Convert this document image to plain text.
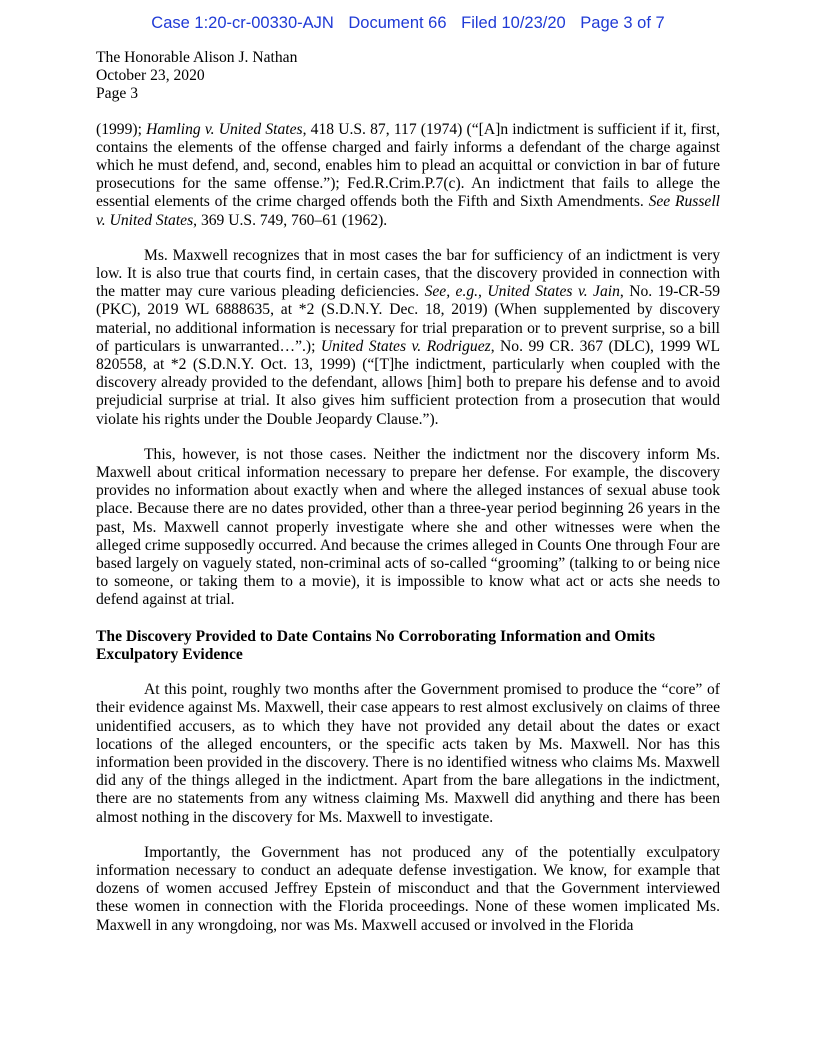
Case 1:20-cr-00330-AJN Document 66 Filed 10/23/20 Page 3 of 7
The Honorable Alison J. Nathan
October 23, 2020
Page 3

(1999); Hamling v. United States, 418 U.S. 87, 117 (1974) (“[A]n indictment is sufficient if it, first, contains the elements of the offense charged and fairly informs a defendant of the charge against which he must defend, and, second, enables him to plead an acquittal or conviction in bar of future prosecutions for the same offense.”); Fed.R.Crim.P.7(c). An indictment that fails to allege the essential elements of the crime charged offends both the Fifth and Sixth Amendments. See Russell v. United States, 369 U.S. 749, 760–61 (1962).

Ms. Maxwell recognizes that in most cases the bar for sufficiency of an indictment is very low. It is also true that courts find, in certain cases, that the discovery provided in connection with the matter may cure various pleading deficiencies. See, e.g., United States v. Jain, No. 19-CR-59 (PKC), 2019 WL 6888635, at *2 (S.D.N.Y. Dec. 18, 2019) (When supplemented by discovery material, no additional information is necessary for trial preparation or to prevent surprise, so a bill of particulars is unwarranted…”.); United States v. Rodriguez, No. 99 CR. 367 (DLC), 1999 WL 820558, at *2 (S.D.N.Y. Oct. 13, 1999) (“[T]he indictment, particularly when coupled with the discovery already provided to the defendant, allows [him] both to prepare his defense and to avoid prejudicial surprise at trial. It also gives him sufficient protection from a prosecution that would violate his rights under the Double Jeopardy Clause.”).

This, however, is not those cases. Neither the indictment nor the discovery inform Ms. Maxwell about critical information necessary to prepare her defense. For example, the discovery provides no information about exactly when and where the alleged instances of sexual abuse took place. Because there are no dates provided, other than a three-year period beginning 26 years in the past, Ms. Maxwell cannot properly investigate where she and other witnesses were when the alleged crime supposedly occurred. And because the crimes alleged in Counts One through Four are based largely on vaguely stated, non-criminal acts of so-called “grooming” (talking to or being nice to someone, or taking them to a movie), it is impossible to know what act or acts she needs to defend against at trial.

The Discovery Provided to Date Contains No Corroborating Information and Omits Exculpatory Evidence

At this point, roughly two months after the Government promised to produce the “core” of their evidence against Ms. Maxwell, their case appears to rest almost exclusively on claims of three unidentified accusers, as to which they have not provided any detail about the dates or exact locations of the alleged encounters, or the specific acts taken by Ms. Maxwell. Nor has this information been provided in the discovery. There is no identified witness who claims Ms. Maxwell did any of the things alleged in the indictment. Apart from the bare allegations in the indictment, there are no statements from any witness claiming Ms. Maxwell did anything and there has been almost nothing in the discovery for Ms. Maxwell to investigate.

Importantly, the Government has not produced any of the potentially exculpatory information necessary to conduct an adequate defense investigation. We know, for example that dozens of women accused Jeffrey Epstein of misconduct and that the Government interviewed these women in connection with the Florida proceedings. None of these women implicated Ms. Maxwell in any wrongdoing, nor was Ms. Maxwell accused or involved in the Florida
